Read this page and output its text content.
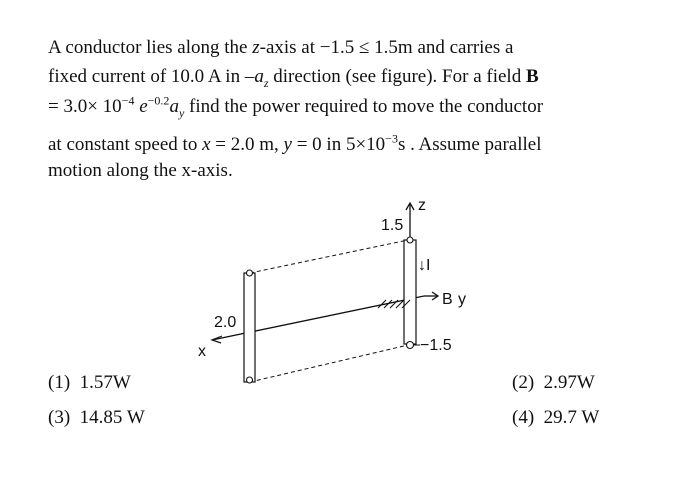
A conductor lies along the z-axis at −1.5 ≤ 1.5m and carries a
fixed current of 10.0 A in $-a_z$ direction (see figure). For a field B
= $3.0\times 10^{-4}$ $e^{-0.2}a_y$ find the power required to move the conductor
at constant speed to x = 2.0 m, y = 0 in $5\times 10^{-3}s$ . Assume parallel
motion along the x-axis.
z
1.5
↓I
B y
2.0
x	−1.5
(1) 1.57W	(2) 2.97W
(3) 14.85 W	(4) 29.7 W
